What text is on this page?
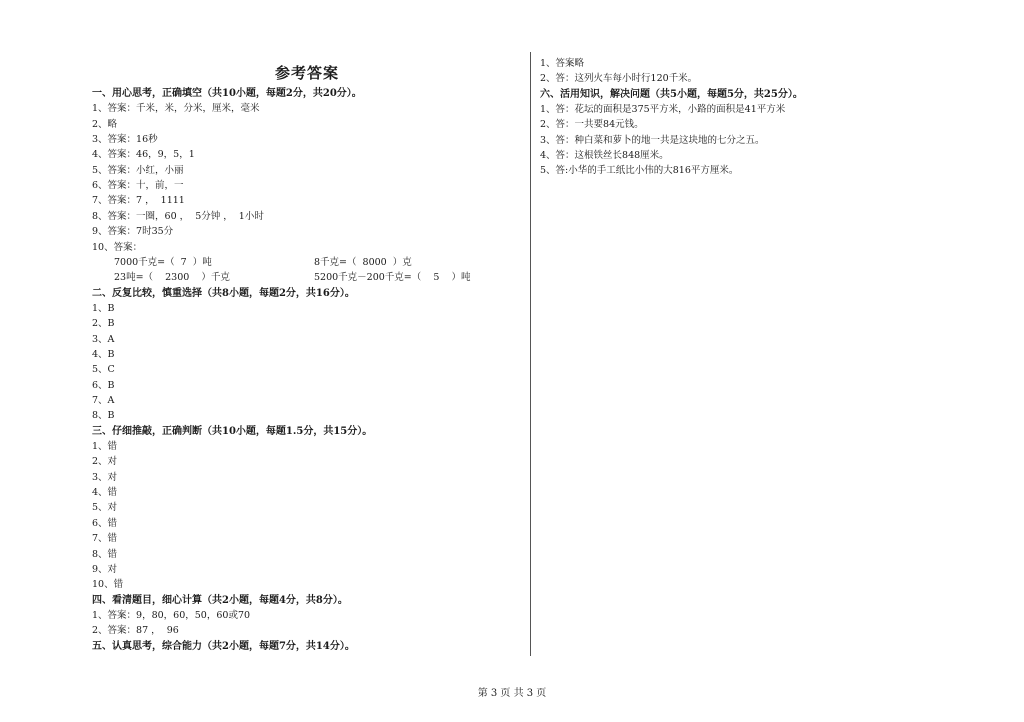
参考答案
一、用心思考，正确填空（共10小题，每题2分，共20分）。
1、答案：千米，米，分米，厘米，毫米
2、略
3、答案：16秒
4、答案：46，9，5，1
5、答案：小红，小丽
6、答案：十，前，一
7、答案：7 ，  1111
8、答案：一圈，60 ，  5分钟 ，  1小时
9、答案：7时35分
10、答案：
7000千克=（  7  ）吨	8千克=（  8000  ）克
23吨=（    2300    ）千克	5200千克－200千克=（    5    ）吨
二、反复比较，慎重选择（共8小题，每题2分，共16分）。
1、B
2、B
3、A
4、B
5、C
6、B
7、A
8、B
三、仔细推敲，正确判断（共10小题，每题1.5分，共15分）。
1、错
2、对
3、对
4、错
5、对
6、错
7、错
8、错
9、对
10、错
四、看清题目，细心计算（共2小题，每题4分，共8分）。
1、答案：9，80，60，50，60或70
2、答案：87 ，  96
五、认真思考，综合能力（共2小题，每题7分，共14分）。
1、答案略
2、答：这列火车每小时行120千米。
六、活用知识，解决问题（共5小题，每题5分，共25分）。
1、答：花坛的面积是375平方米，小路的面积是41平方米
2、答：一共要84元钱。
3、答：种白菜和萝卜的地一共是这块地的七分之五。
4、答：这根铁丝长848厘米。
5、答:小华的手工纸比小伟的大816平方厘米。
第 3 页 共 3 页
